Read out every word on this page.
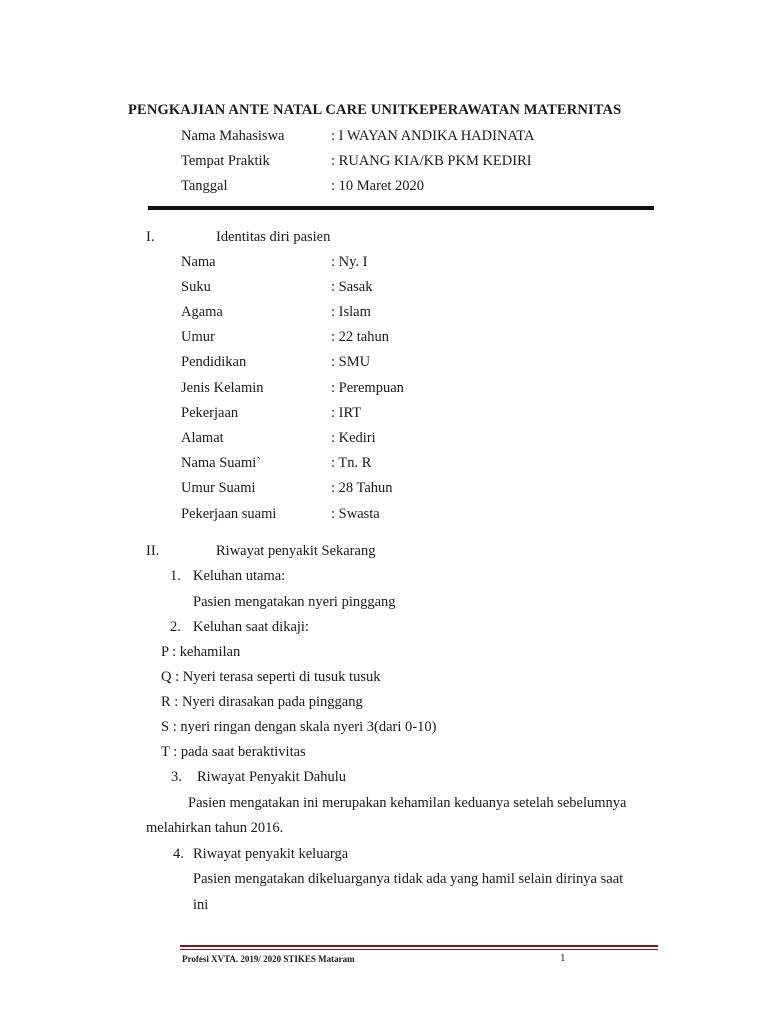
PENGKAJIAN ANTE NATAL CARE UNITKEPERAWATAN MATERNITAS
Nama Mahasiswa	: I WAYAN ANDIKA HADINATA
Tempat Praktik	: RUANG KIA/KB PKM KEDIRI
Tanggal	: 10 Maret 2020
I.	Identitas diri pasien
Nama	: Ny. I
Suku	: Sasak
Agama	: Islam
Umur	: 22 tahun
Pendidikan	: SMU
Jenis Kelamin	: Perempuan
Pekerjaan	: IRT
Alamat	: Kediri
Nama Suami`	: Tn. R
Umur Suami	: 28 Tahun
Pekerjaan suami	: Swasta
II.	Riwayat penyakit Sekarang
1. Keluhan utama:
Pasien mengatakan nyeri pinggang
2. Keluhan saat dikaji:
P : kehamilan
Q : Nyeri terasa seperti di tusuk tusuk
R : Nyeri dirasakan pada pinggang
S : nyeri ringan dengan skala nyeri 3(dari 0-10)
T : pada saat beraktivitas
3. Riwayat Penyakit Dahulu
Pasien mengatakan ini merupakan kehamilan keduanya setelah sebelumnya
melahirkan tahun 2016.
4. Riwayat penyakit keluarga
Pasien mengatakan dikeluarganya tidak ada yang hamil selain dirinya saat
ini
Profesi XVTA. 2019/ 2020 STIKES Mataram	1
